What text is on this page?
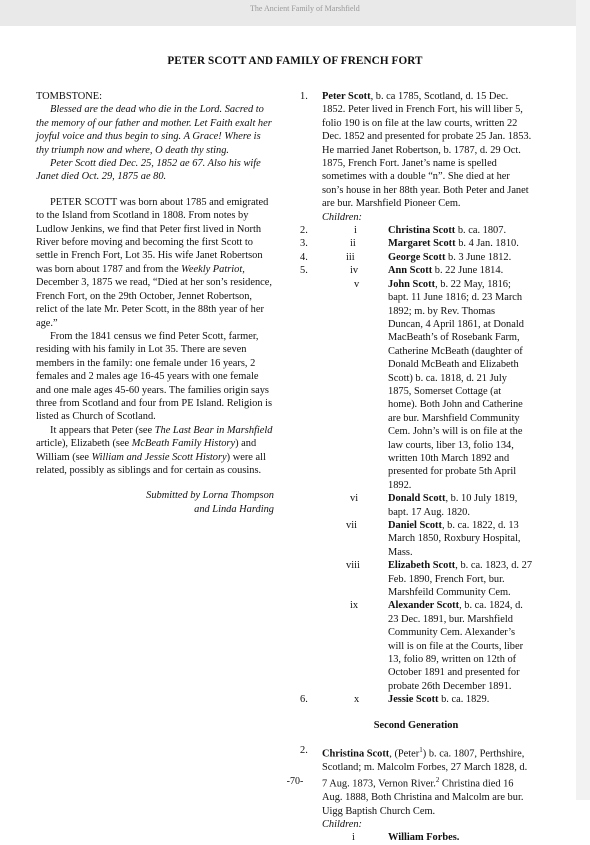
The Ancient Family of Marshfield
PETER SCOTT AND FAMILY OF FRENCH FORT

TOMBSTONE:

Blessed are the dead who die in the Lord. Sacred to the memory of our father and mother. Let Faith exalt her joyful voice and thus begin to sing. A Grace! Where is thy triumph now and where, O death thy sting.

Peter Scott died Dec. 25, 1852 ae 67. Also his wife Janet died Oct. 29, 1875 ae 80.

PETER SCOTT was born about 1785 and emigrated to the Island from Scotland in 1808. From notes by Ludlow Jenkins, we find that Peter first lived in North River before moving and becoming the first Scott to settle in French Fort, Lot 35. His wife Janet Robertson was born about 1787 and from the Weekly Patriot, December 3, 1875 we read, “Died at her son’s residence, French Fort, on the 29th October, Jennet Robertson, relict of the late Mr. Peter Scott, in the 88th year of her age.”

From the 1841 census we find Peter Scott, farmer, residing with his family in Lot 35. There are seven members in the family: one female under 16 years, 2 females and 2 males age 16-45 years with one female and one male ages 45-60 years. The families origin says three from Scotland and four from PE Island. Religion is listed as Church of Scotland.

It appears that Peter (see The Last Bear in Marshfield article), Elizabeth (see McBeath Family History) and William (see William and Jessie Scott History) were all related, possibly as siblings and for certain as cousins.

Submitted by Lorna Thompson

and Linda Harding

1. Peter Scott, b. ca 1785, Scotland, d. 15 Dec. 1852. Peter lived in French Fort, his will liber 5, folio 190 is on file at the law courts, written 22 Dec. 1852 and presented for probate 25 Jan. 1853. He married Janet Robertson, b. 1787, d. 29 Oct. 1875, French Fort. Janet’s name is spelled sometimes with a double “n”. She died at her son’s house in her 88th year. Both Peter and Janet are bur. Marshfield Pioneer Cem.

Children:

2.	i	Christina Scott b. ca. 1807.
3.	ii	Margaret Scott b. 4 Jan. 1810.
4.	iii	George Scott b. 3 June 1812.
5.	iv	Ann Scott b. 22 June 1814.
v	John Scott, b. 22 May, 1816; bapt. 11 June 1816; d. 23 March 1892; m. by Rev. Thomas Duncan, 4 April 1861, at Donald MacBeath’s of Rosebank Farm, Catherine McBeath (daughter of Donald McBeath and Elizabeth Scott) b. ca. 1818, d. 21 July 1875, Somerset Cottage (at home). Both John and Catherine are bur. Marshfield Community Cem. John’s will is on file at the law courts, liber 13, folio 134, written 10th March 1892 and presented for probate 5th April 1892.
vi	Donald Scott, b. 10 July 1819, bapt. 17 Aug. 1820.
vii	Daniel Scott, b. ca. 1822, d. 13 March 1850, Roxbury Hospital, Mass.
viii	Elizabeth Scott, b. ca. 1823, d. 27 Feb. 1890, French Fort, bur. Marshfeild Community Cem.
ix	Alexander Scott, b. ca. 1824, d. 23 Dec. 1891, bur. Marshfield Community Cem. Alexander’s will is on file at the Courts, liber 13, folio 89, written on 12th of October 1891 and presented for probate 26th December 1891.
6.	x	Jessie Scott b. ca. 1829.

Second Generation

2. Christina Scott, (Peter$^1$) b. ca. 1807, Perthshire, Scotland; m. Malcolm Forbes, 27 March 1828, d. 7 Aug. 1873, Vernon River.$^2$ Christina died 16 Aug. 1888, Both Christina and Malcolm are bur. Uigg Baptish Church Cem.

Children:

i	William Forbes.
-70-
